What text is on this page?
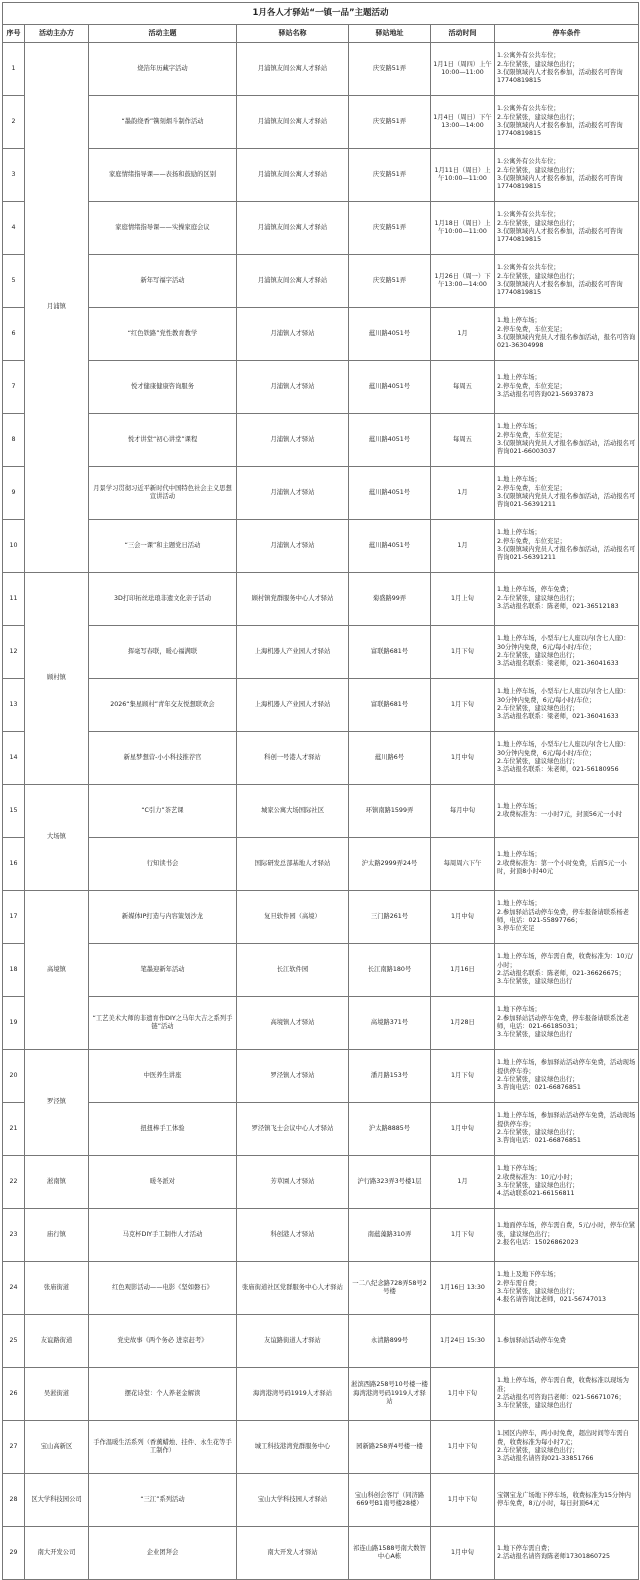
1月各人才驿站“一镇一品”主题活动						
序号	活动主办方	活动主题	驿站名称	驿站地址	活动时间	停车条件
1	月浦镇	烧箔年历藏字活动	月浦镇友间公寓人才驿站	庆安路51弄	1月1日（周四）上午10:00—11:00	1.公寓外有公共车位；
2.车位紧张，建议绿色出行；
3.仅限镇域内人才报名参加，活动报名可咨询17740819815
2		“墨韵绕香”镌刻烟斗制作活动	月浦镇友间公寓人才驿站	庆安路51弄	1月4日（周日）下午13:00—14:00	1.公寓外有公共车位；
2.车位紧张，建议绿色出行；
3.仅限镇域内人才报名参加，活动报名可咨询17740819815
3		家庭情绪指导课——表扬和鼓励的区别	月浦镇友间公寓人才驿站	庆安路51弄	1月11日（周日）上午10:00—11:00	1.公寓外有公共车位；
2.车位紧张，建议绿色出行；
3.仅限镇域内人才报名参加，活动报名可咨询17740819815
4		家庭情绪指导课——实操家庭会议	月浦镇友间公寓人才驿站	庆安路51弄	1月18日（周日）上午10:00—11:00	1.公寓外有公共车位；
2.车位紧张，建议绿色出行；
3.仅限镇域内人才报名参加，活动报名可咨询17740819815
5		新年写福字活动	月浦镇友间公寓人才驿站	庆安路51弄	1月26日（周一）下午13:00—14:00	1.公寓外有公共车位；
2.车位紧张，建议绿色出行；
3.仅限镇域内人才报名参加，活动报名可咨询17740819815
6		“红色铁路”党性教育教学	月浦镇人才驿站	蕴川路4051号	1月	1.地上停车场；
2.停车免费，车位充足；
3.仅限镇域内党员人才报名参加活动，报名可咨询021-36304998
7		悦才健康健康咨询服务	月浦镇人才驿站	蕴川路4051号	每周五	1.地上停车场；
2.停车免费，车位充足；
3.活动报名可咨询021-56937873
8		悦才讲堂“初心讲堂”课程	月浦镇人才驿站	蕴川路4051号	每周五	1.地上停车场；
2.停车免费，车位充足；
3.仅限镇域内党员人才报名参加活动，活动报名可咨询021-66003037
9		月景学习贯彻习近平新时代中国特色社会主义思想宣讲活动	月浦镇人才驿站	蕴川路4051号	1月	1.地上停车场；
2.停车免费，车位充足；
3.仅限镇域内党员人才报名参加活动，活动报名可咨询021-56391211
10		“三会一课”和主题党日活动	月浦镇人才驿站	蕴川路4051号	1月	1.地上停车场；
2.停车免费，车位充足；
3.仅限镇域内党员人才报名参加活动，活动报名可咨询021-56391211
11	顾村镇	3D打印拓丝珐琅非遗文化亲子活动	顾村镇党群服务中心人才驿站	菊盛路99弄	1月上旬	1.地上停车场，停车免费；
2.车位紧张，建议绿色出行；
3.活动报名联系：陈老师，021-36512183
12		挥毫写春联，暖心福满联	上海机器人产业园人才驿站	富联路681号	1月下旬	1.地上停车场，小型车/七人座以内(含七人座)：30分钟内免费，6元/每小时/车位；
2.车位紧张，建议绿色出行；
3.活动报名联系：梁老师，021-36041633
13		2026“集星顾村”青年交友悦想联欢会	上海机器人产业园人才驿站	富联路681号	1月下旬	1.地上停车场，小型车/七人座以内(含七人座)：30分钟内免费，6元/每小时/车位；
2.车位紧张，建议绿色出行；
3.活动报名联系：梁老师，021-36041633
14		新星梦想营-小小科技推荐官	科创一号港人才驿站	蕴川路6号	1月中旬	1.地上停车场，小型车/七人座以内(含七人座)：30分钟内免费，6元/每小时/车位；
2.车位紧张，建议绿色出行；
3.活动报名联系：朱老师，021-56180956
15	大场镇	“C引力”茶艺课	城家公寓大场国际社区	环镇南路1599弄	每月中旬	1.地上停车场；
2.收费标准为：一小时7元，封顶56元一小时
16		行知读书会	国际研发总部基地人才驿站	沪太路2999弄24号	每周周六下午	1.地上停车场；
2.收费标准为：第一个小时免费，后面5元一小时，封顶8小时40元
17	高境镇	新媒体IP打造与内容策划沙龙	复旦软件园（高境）	三门路261号	1月中旬	1.地上停车场；
2.参加驿站活动停车免费，停车报备请联系杨老师，电话：021-55897766；
3.停车位充足
18		笔墨迎新年活动	长江软件园	长江南路180号	1月16日	1.地上停车场，停车需自费，收费标准为：10元/小时；
2.活动报名联系：陈老师，021-36626675；
3.车位紧张，建议绿色出行
19		“工艺美术大师的非遗育作DIY之马年大吉之系列手链”活动	高境镇人才驿站	高境路371号	1月28日	1.地下停车场；
2.参加驿站活动停车免费，停车报备请联系沈老师，电话：021-66185031；
3.车位紧张，建议绿色出行
20	罗泾镇	中医养生讲座	罗泾镇人才驿站	潘月路153号	1月下旬	1.地上停车场，参加驿站活动停车免费，活动现场提供停车券；
2.车位紧张，建议绿色出行；
3.咨询电话：021-66876851
21		扭扭棒手工体验	罗泾镇飞士会议中心人才驿站	沪太路8885号	1月中旬	1.地上停车场，参加驿站活动停车免费，活动现场提供停车券；
2.车位紧张，建议绿色出行；
3.咨询电话：021-66876851
22	淞南镇	暖冬派对	芳草園人才驿站	沪行路323弄3号楼1层	1月	1.地下停车场；
2.收费标准为：10元/小时；
3.车位紧张，建议绿色出行；
4.活动联系021-66156811
23	庙行镇	马克杯DIY手工制作人才活动	科创港人才驿站	南蕴藻路310弄	1月下旬	1.地面停车场，停车需自费，5元/小时，停车位紧张，建议绿色出行；
2.报名电话：15026862023
24	张庙街道	红色观影活动——电影《坚如磐石》	张庙街道社区党群服务中心人才驿站	一二八纪念路728弄58号2号楼	1月16日 13:30	1.地上及地下停车场；
2.停车需自费；
3.车位紧张，建议绿色出行；
4.报名请咨询沈老师，021-56747013
25	友谊路街道	党史故事《两个务必 进京赶考》	友谊路街道人才驿站	永清路899号	1月24日 15:30	1.参加驿站活动停车免费
26	吴淞街道	摆花诗堂：个人养老金解读	海湾港湾号码1919人才驿站	淞滨西路258号10号楼一楼海湾港湾号码1919人才驿站	1月中下旬	1.地上停车场，停车需自费，收费标准以现场为准；
2.活动报名可咨询吕老师：021-56671076；
3.车位紧张，建议绿色出行
27	宝山高新区	手作温暖生活系列（香薰蜡烛、挂件、永生花等手工制作）	城工科技港湾党群服务中心	园新路258弄4号楼一楼	1月中下旬	1.园区内停车，两小时免费，超出时间等车需自费，收费标准为每小时7元；
2.车位紧张，建议绿色出行；
3.活动报名请咨询021-33851766
28	区大学科技园公司	“三江”系列活动	宝山大学科技园人才驿站	宝山科创会客厅（同济路669号B1南号楼28楼）	1月中下旬	宝钢宝龙广场地下停车场，收费标准为15分钟内停车免费，8元/小时，每日封顶64元
29	南大开发公司	企业团拜会	南大开发人才驿站	祁连山路1588号南大数智中心A栋	1月中旬	1.地下停车需自费；
2.活动报名请咨询陈老师17301860725
